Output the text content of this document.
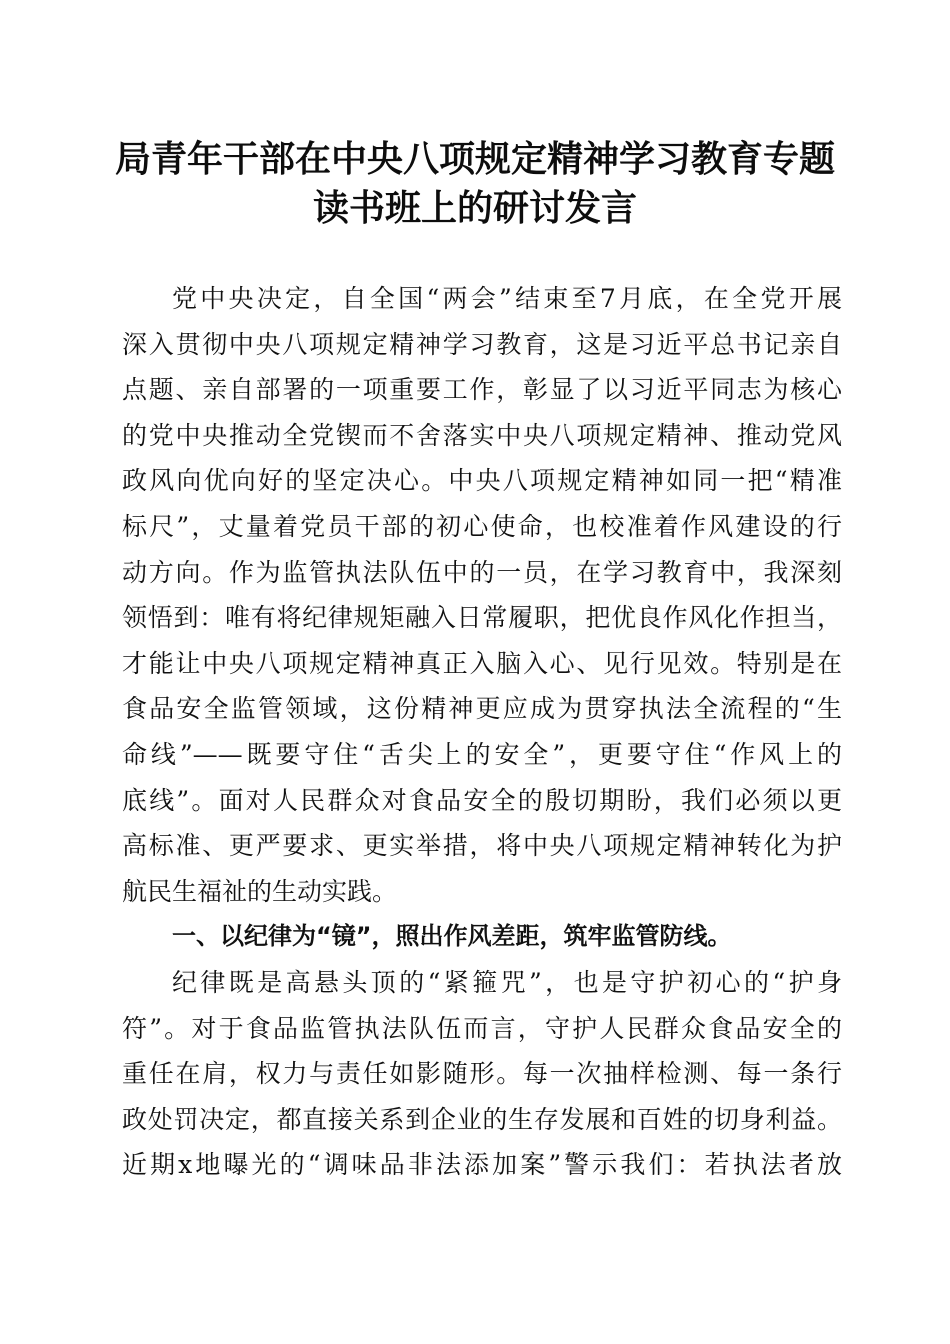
局青年干部在中央八项规定精神学习教育专题
读书班上的研讨发言
党中央决定，自全国“两会”结束至7月底，在全党开展
深入贯彻中央八项规定精神学习教育，这是习近平总书记亲自
点题、亲自部署的一项重要工作，彰显了以习近平同志为核心
的党中央推动全党锲而不舍落实中央八项规定精神、推动党风
政风向优向好的坚定决心。中央八项规定精神如同一把“精准
标尺”，丈量着党员干部的初心使命，也校准着作风建设的行
动方向。作为监管执法队伍中的一员，在学习教育中，我深刻
领悟到：唯有将纪律规矩融入日常履职，把优良作风化作担当，
才能让中央八项规定精神真正入脑入心、见行见效。特别是在
食品安全监管领域，这份精神更应成为贯穿执法全流程的“生
命线”——既要守住“舌尖上的安全”，更要守住“作风上的
底线”。面对人民群众对食品安全的殷切期盼，我们必须以更
高标准、更严要求、更实举措，将中央八项规定精神转化为护
航民生福祉的生动实践。
一、以纪律为“镜”，照出作风差距，筑牢监管防线。
纪律既是高悬头顶的“紧箍咒”，也是守护初心的“护身
符”。对于食品监管执法队伍而言，守护人民群众食品安全的
重任在肩，权力与责任如影随形。每一次抽样检测、每一条行
政处罚决定，都直接关系到企业的生存发展和百姓的切身利益。
近期x地曝光的“调味品非法添加案”警示我们：若执法者放
